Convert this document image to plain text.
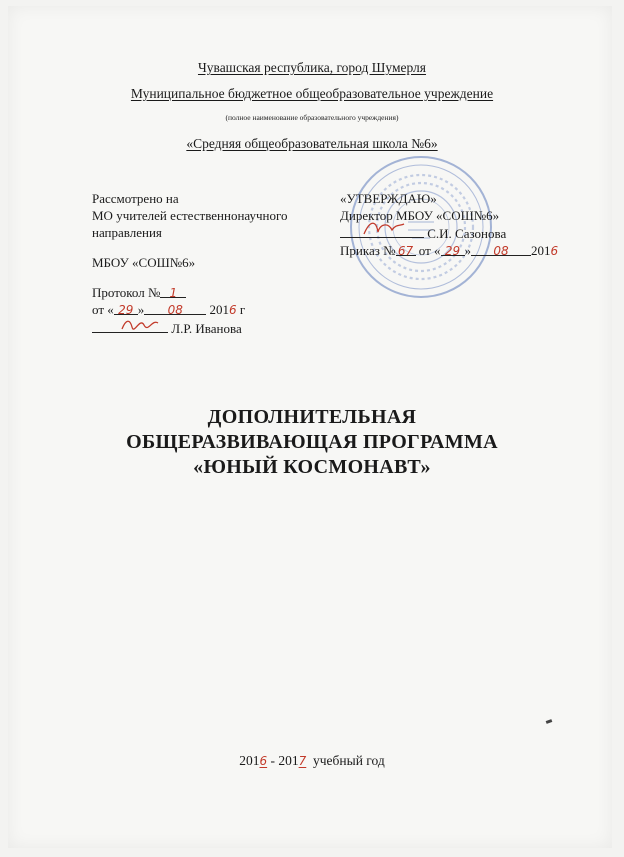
Чувашская республика, город Шумерля
Муниципальное бюджетное общеобразовательное учреждение
(полное наименование образовательного учреждения)
«Средняя общеобразовательная школа №6»
Рассмотрено на
МО учителей естественнонаучного
направления
МБОУ «СОШ№6»
Протокол № 1
от « 29 » 08 2016 г
Л.Р. Иванова
«УТВЕРЖДАЮ»
Директор МБОУ «СОШ№6»
С.И. Сазонова
Приказ № 67 от « 29 » 08 2016
ДОПОЛНИТЕЛЬНАЯ
ОБЩЕРАЗВИВАЮЩАЯ ПРОГРАММА
«ЮНЫЙ КОСМОНАВТ»
2016 - 2017 учебный год
